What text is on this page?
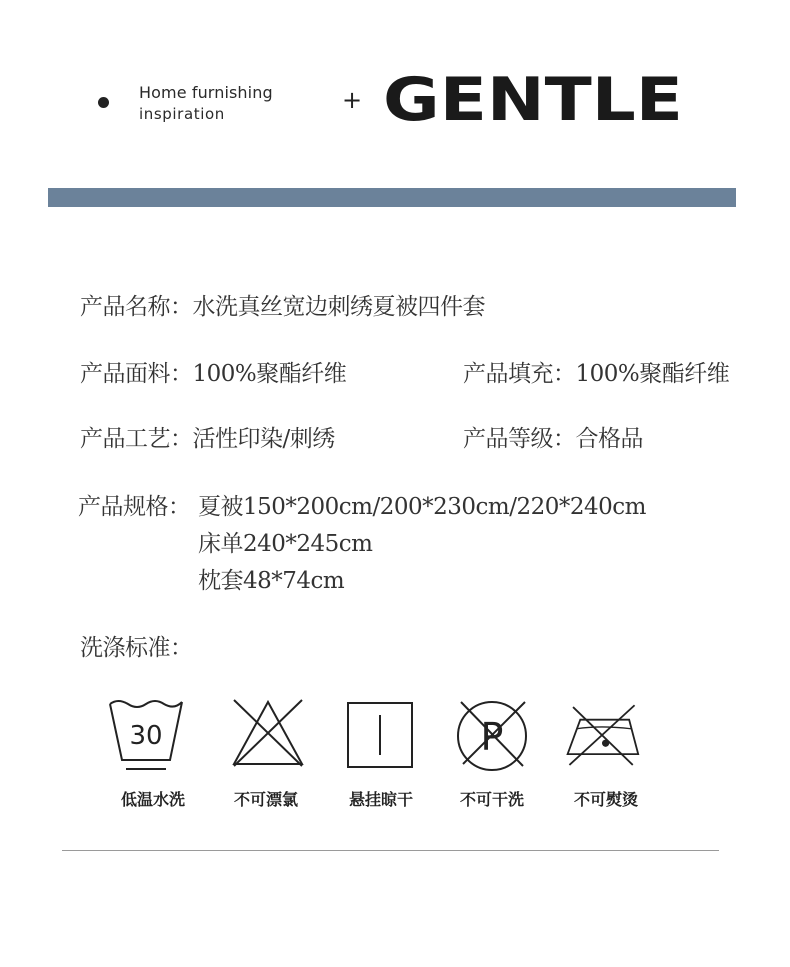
Home furnishing
inspiration	+ GENTLE
产品名称：水洗真丝宽边刺绣夏被四件套
产品面料：100%聚酯纤维	产品填充：100%聚酯纤维
产品工艺：活性印染/刺绣	产品等级：合格品
产品规格： 夏被150*200cm/200*230cm/220*240cm
床单240*245cm
枕套48*74cm
洗涤标准：
30	P
低温水洗	不可漂氯	悬挂晾干	不可干洗	不可熨烫
